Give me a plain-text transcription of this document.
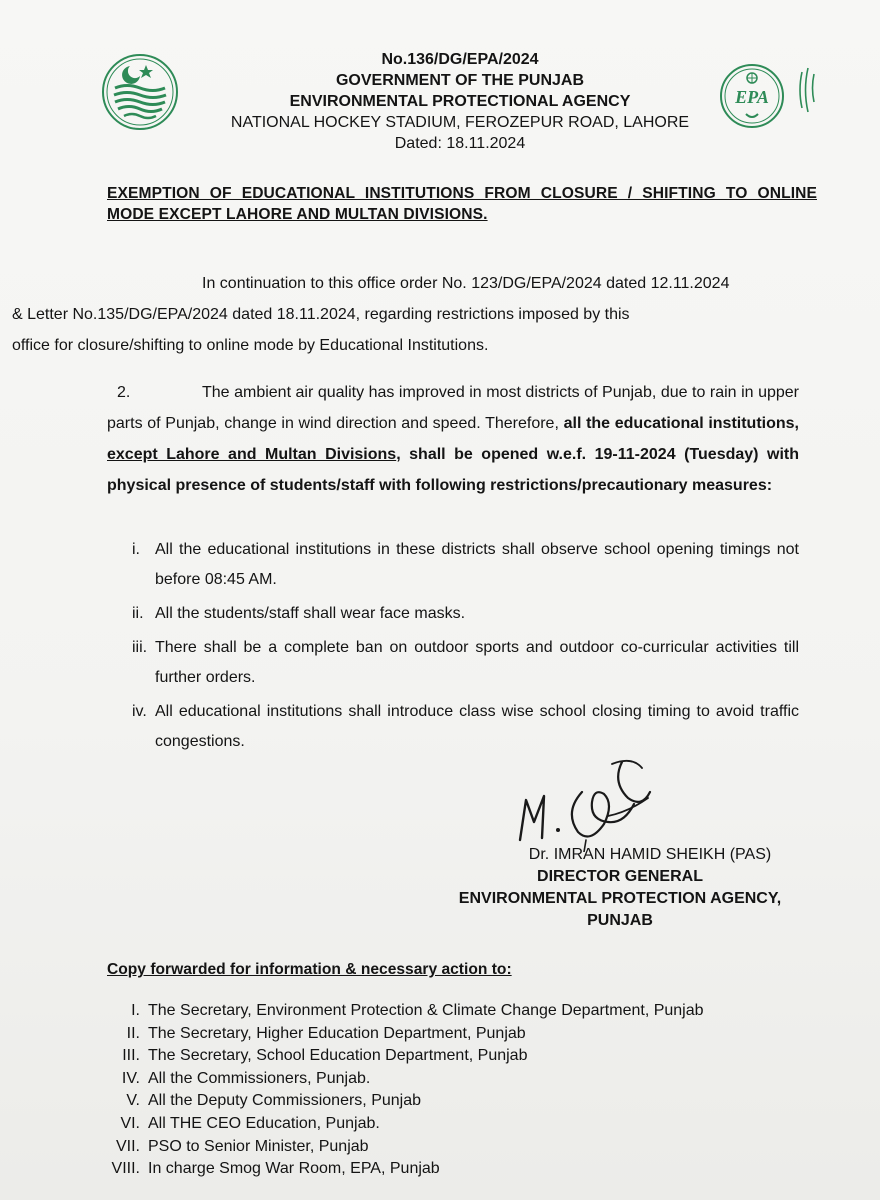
EPA
No.136/DG/EPA/2024
GOVERNMENT OF THE PUNJAB
ENVIRONMENTAL PROTECTIONAL AGENCY
NATIONAL HOCKEY STADIUM, FEROZEPUR ROAD, LAHORE
Dated: 18.11.2024
EXEMPTION OF EDUCATIONAL INSTITUTIONS FROM CLOSURE / SHIFTING TO ONLINE MODE EXCEPT LAHORE AND MULTAN DIVISIONS.
In continuation to this office order No. 123/DG/EPA/2024 dated 12.11.2024
& Letter No.135/DG/EPA/2024 dated 18.11.2024, regarding restrictions imposed by this
office for closure/shifting to online mode by Educational Institutions.
2.	The ambient air quality has improved in most districts of Punjab, due to rain in upper parts of Punjab, change in wind direction and speed. Therefore, all the educational institutions, except Lahore and Multan Divisions, shall be opened w.e.f. 19-11-2024 (Tuesday) with physical presence of students/staff with following restrictions/precautionary measures:
i. All the educational institutions in these districts shall observe school opening timings not before 08:45 AM.
ii. All the students/staff shall wear face masks.
iii. There shall be a complete ban on outdoor sports and outdoor co-curricular activities till further orders.
iv. All educational institutions shall introduce class wise school closing timing to avoid traffic congestions.
Dr. IMRAN HAMID SHEIKH (PAS)
DIRECTOR GENERAL
ENVIRONMENTAL PROTECTION AGENCY,
PUNJAB
Copy forwarded for information & necessary action to:
I. The Secretary, Environment Protection & Climate Change Department, Punjab
II. The Secretary, Higher Education Department, Punjab
III. The Secretary, School Education Department, Punjab
IV. All the Commissioners, Punjab.
V. All the Deputy Commissioners, Punjab
VI. All THE CEO Education, Punjab.
VII. PSO to Senior Minister, Punjab
VIII. In charge Smog War Room, EPA, Punjab
